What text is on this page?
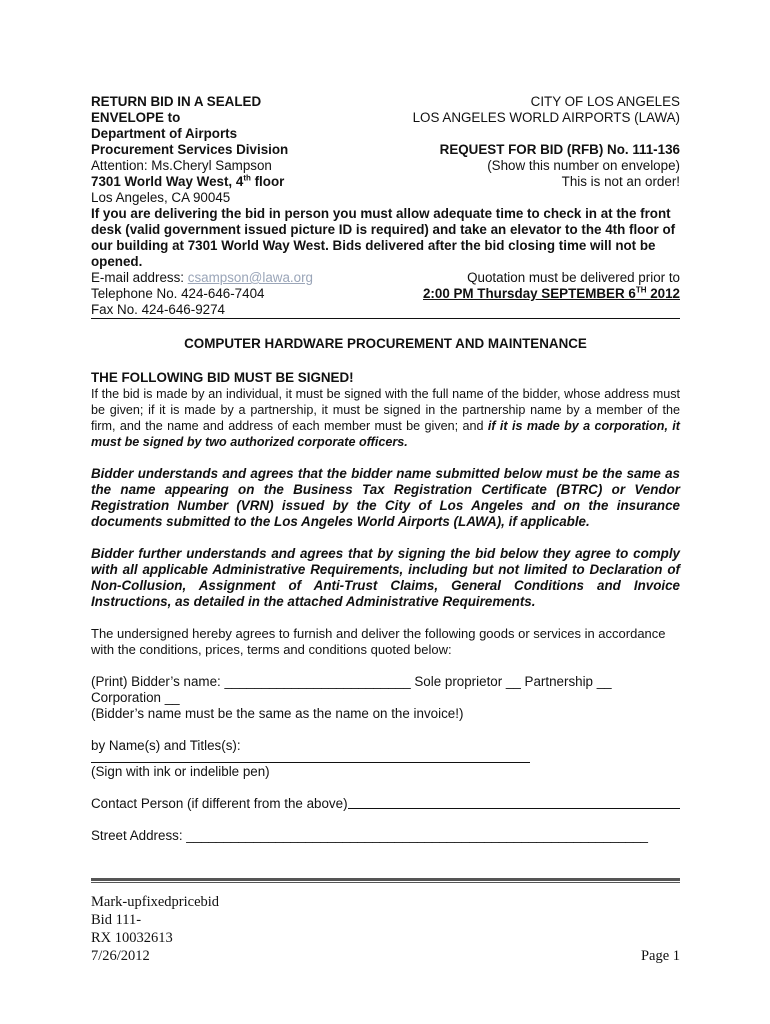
RETURN BID IN A SEALED	CITY OF LOS ANGELES
ENVELOPE to	LOS ANGELES WORLD AIRPORTS (LAWA)
Department of Airports
Procurement Services Division	REQUEST FOR BID (RFB) No. 111-136
Attention: Ms.Cheryl Sampson	(Show this number on envelope)
7301 World Way West, 4th floor	This is not an order!
Los Angeles, CA 90045
If you are delivering the bid in person you must allow adequate time to check in at the front desk (valid government issued picture ID is required) and take an elevator to the 4th floor of our building at 7301 World Way West. Bids delivered after the bid closing time will not be opened.
E-mail address: csampson@lawa.org	Quotation must be delivered prior to
Telephone No. 424-646-7404	2:00 PM Thursday SEPTEMBER 6TH 2012
Fax No. 424-646-9274
COMPUTER HARDWARE PROCUREMENT AND MAINTENANCE
THE FOLLOWING BID MUST BE SIGNED!
If the bid is made by an individual, it must be signed with the full name of the bidder, whose address must be given; if it is made by a partnership, it must be signed in the partnership name by a member of the firm, and the name and address of each member must be given; and if it is made by a corporation, it must be signed by two authorized corporate officers.
Bidder understands and agrees that the bidder name submitted below must be the same as the name appearing on the Business Tax Registration Certificate (BTRC) or Vendor Registration Number (VRN) issued by the City of Los Angeles and on the insurance documents submitted to the Los Angeles World Airports (LAWA), if applicable.
Bidder further understands and agrees that by signing the bid below they agree to comply with all applicable Administrative Requirements, including but not limited to Declaration of Non-Collusion, Assignment of Anti-Trust Claims, General Conditions and Invoice Instructions, as detailed in the attached Administrative Requirements.
The undersigned hereby agrees to furnish and deliver the following goods or services in accordance with the conditions, prices, terms and conditions quoted below:
(Print) Bidder’s name: _________________________ Sole proprietor __ Partnership __
Corporation __
(Bidder’s name must be the same as the name on the invoice!)
by Name(s) and Titles(s):
(Sign with ink or indelible pen)
Contact Person (if different from the above)
Street Address: ______________________________________________________________
Mark-upfixedpricebid
Bid 111-
RX 10032613
7/26/2012	Page 1
